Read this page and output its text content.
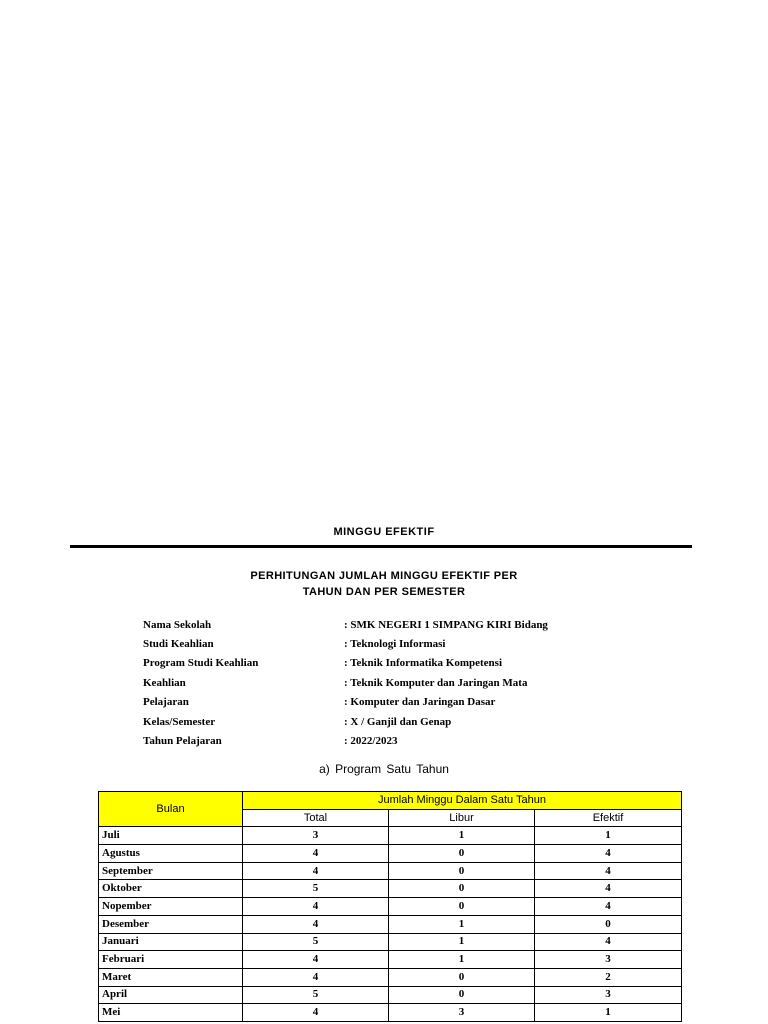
MINGGU EFEKTIF
PERHITUNGAN JUMLAH MINGGU EFEKTIF PER
TAHUN DAN PER SEMESTER
Nama Sekolah	: SMK NEGERI 1 SIMPANG KIRI Bidang
Studi Keahlian	: Teknologi Informasi
Program Studi Keahlian	: Teknik Informatika Kompetensi
Keahlian	: Teknik Komputer dan Jaringan Mata
Pelajaran	: Komputer dan Jaringan Dasar
Kelas/Semester	: X / Ganjil dan Genap
Tahun Pelajaran	: 2022/2023
a) Program Satu Tahun
Bulan	Jumlah Minggu Dalam Satu Tahun		
	Total	Libur	Efektif
Juli	3	1	1
Agustus	4	0	4
September	4	0	4
Oktober	5	0	4
Nopember	4	0	4
Desember	4	1	0
Januari	5	1	4
Februari	4	1	3
Maret	4	0	2
April	5	0	3
Mei	4	3	1
